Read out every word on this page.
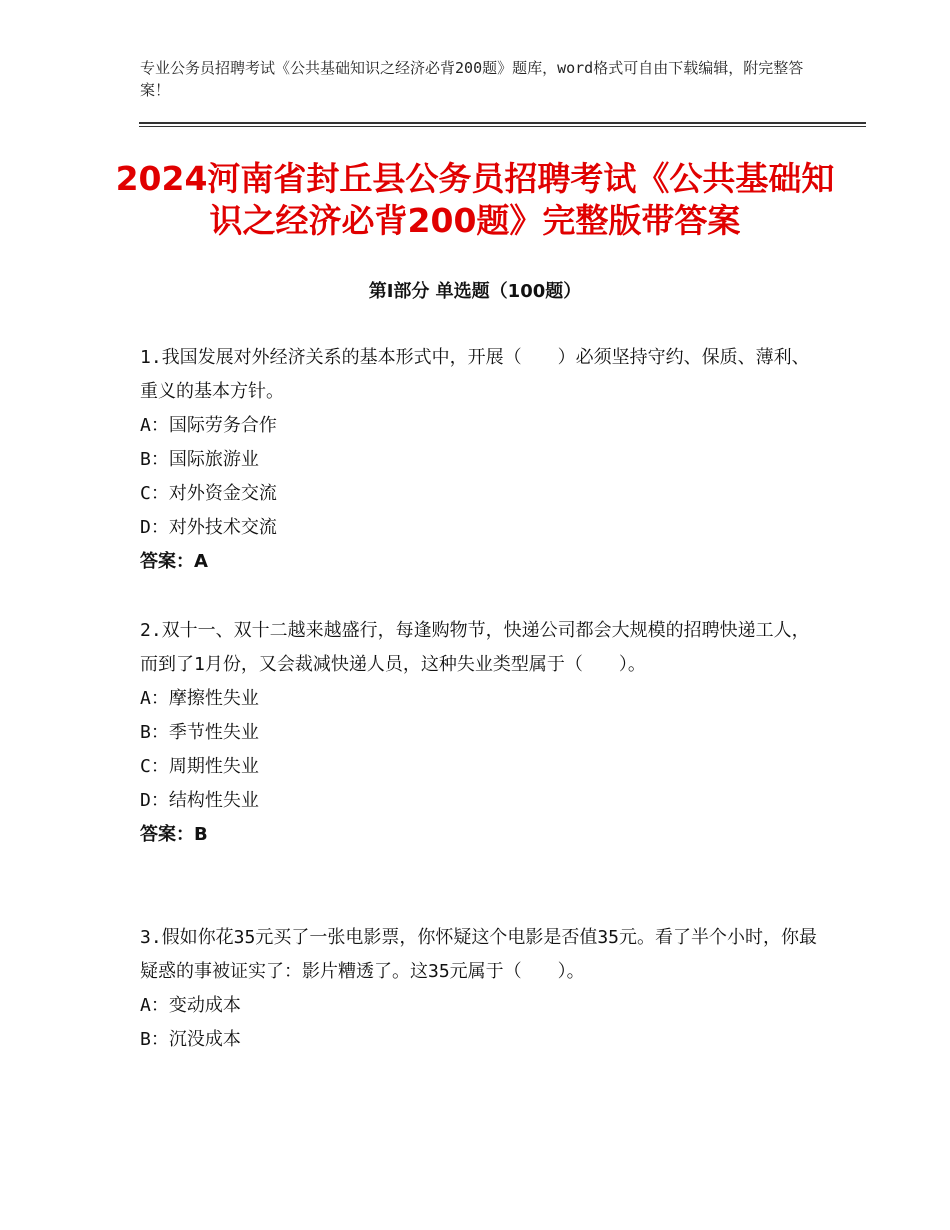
专业公务员招聘考试《公共基础知识之经济必背200题》题库，word格式可自由下载编辑，附完整答案！
2024河南省封丘县公务员招聘考试《公共基础知识之经济必背200题》完整版带答案
第Ⅰ部分 单选题（100题）

1.我国发展对外经济关系的基本形式中，开展（　　）必须坚持守约、保质、薄利、重义的基本方针。

A：国际劳务合作

B：国际旅游业

C：对外资金交流

D：对外技术交流

答案：A

2.双十一、双十二越来越盛行，每逢购物节，快递公司都会大规模的招聘快递工人，而到了1月份，又会裁减快递人员，这种失业类型属于（　　）。

A：摩擦性失业

B：季节性失业

C：周期性失业

D：结构性失业

答案：B

3.假如你花35元买了一张电影票，你怀疑这个电影是否值35元。看了半个小时，你最疑惑的事被证实了：影片糟透了。这35元属于（　　）。

A：变动成本

B：沉没成本
